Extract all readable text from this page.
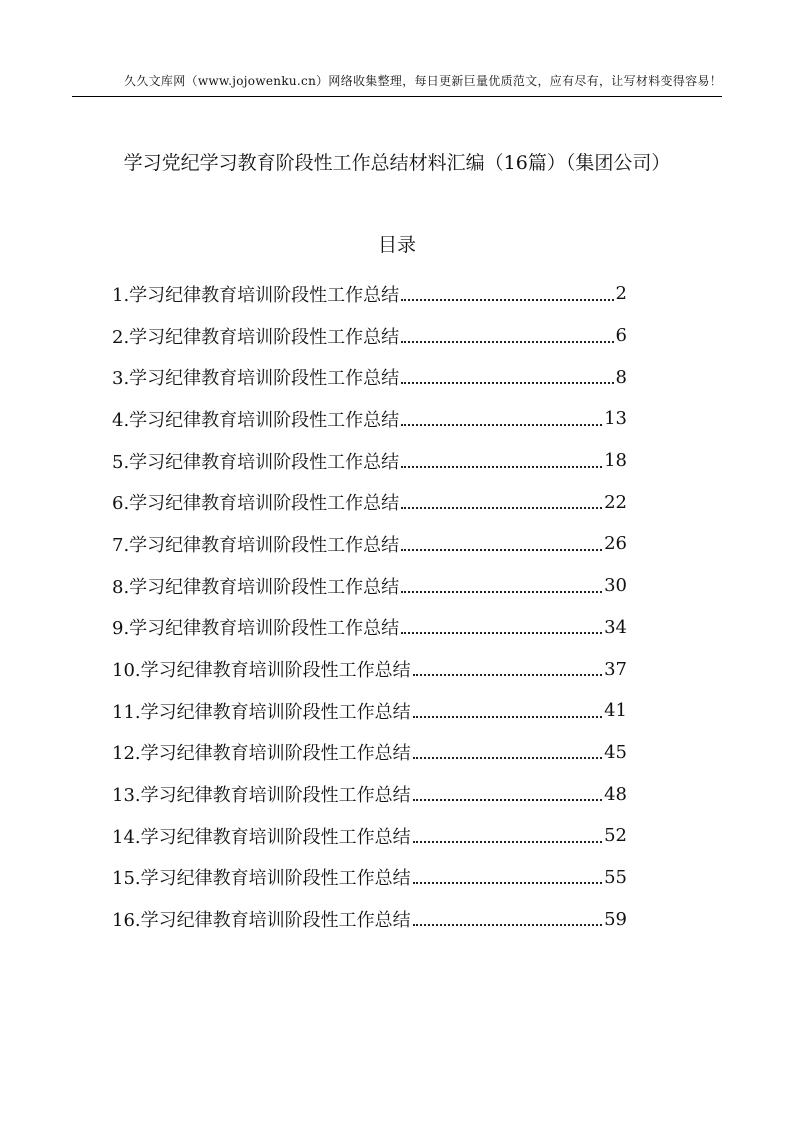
久久文库网（www.jojowenku.cn）网络收集整理，每日更新巨量优质范文，应有尽有，让写材料变得容易！
学习党纪学习教育阶段性工作总结材料汇编（16篇）（集团公司）
目录
1.学习纪律教育培训阶段性工作总结	2
2.学习纪律教育培训阶段性工作总结	6
3.学习纪律教育培训阶段性工作总结	8
4.学习纪律教育培训阶段性工作总结	13
5.学习纪律教育培训阶段性工作总结	18
6.学习纪律教育培训阶段性工作总结	22
7.学习纪律教育培训阶段性工作总结	26
8.学习纪律教育培训阶段性工作总结	30
9.学习纪律教育培训阶段性工作总结	34
10.学习纪律教育培训阶段性工作总结	37
11.学习纪律教育培训阶段性工作总结	41
12.学习纪律教育培训阶段性工作总结	45
13.学习纪律教育培训阶段性工作总结	48
14.学习纪律教育培训阶段性工作总结	52
15.学习纪律教育培训阶段性工作总结	55
16.学习纪律教育培训阶段性工作总结	59
